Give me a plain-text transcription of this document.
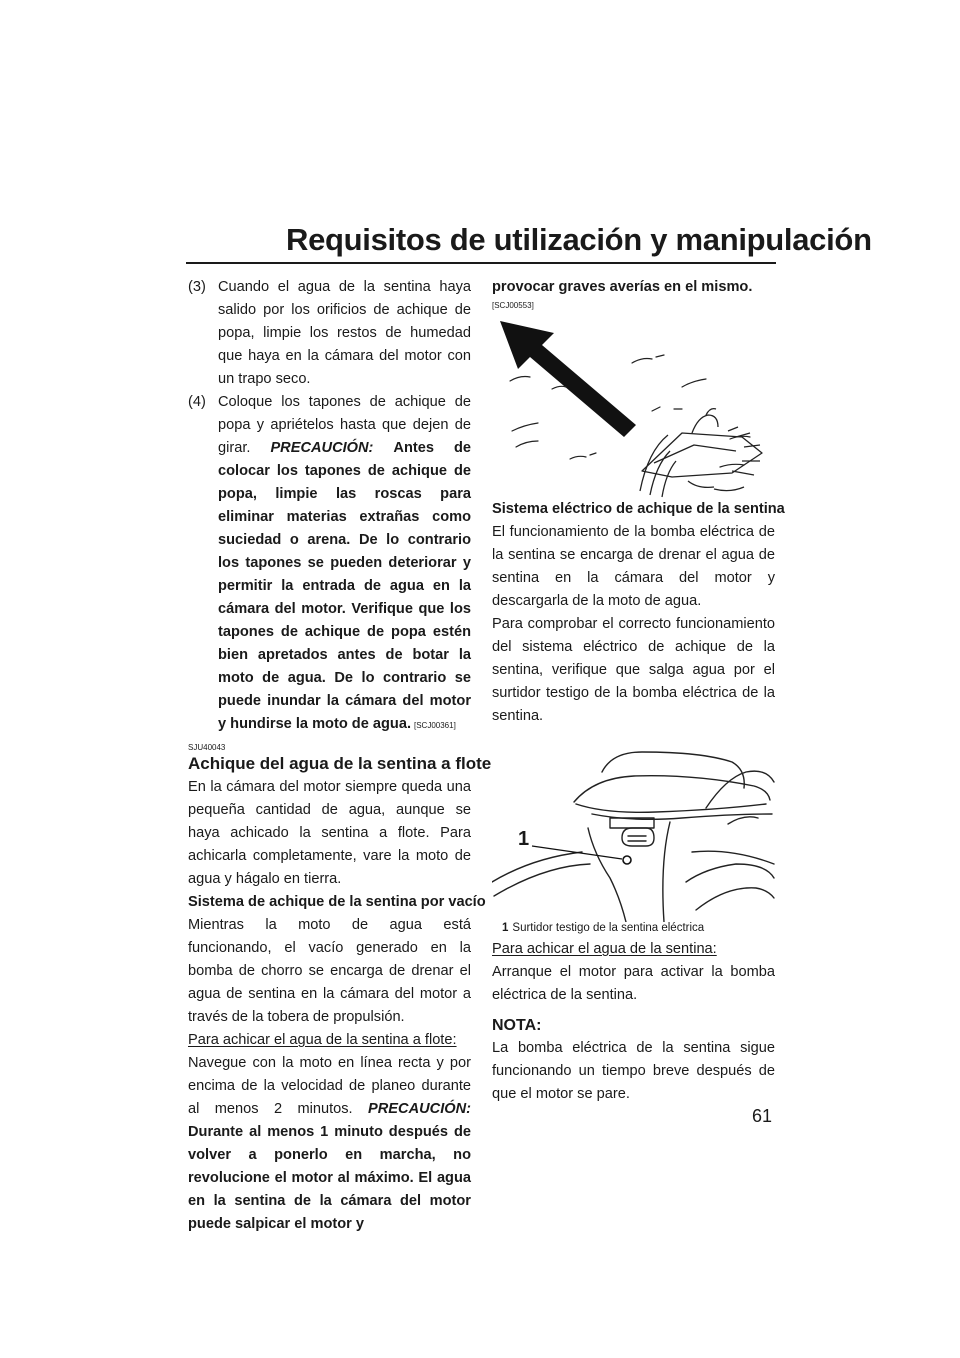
Requisitos de utilización y manipulación
(3) Cuando el agua de la sentina haya salido por los orificios de achique de popa, limpie los restos de humedad que haya en la cámara del motor con un trapo seco.
(4) Coloque los tapones de achique de popa y apriételos hasta que dejen de girar. PRECAUCIÓN: Antes de colocar los tapones de achique de popa, limpie las roscas para eliminar materias extrañas como suciedad o arena. De lo contrario los tapones se pueden deteriorar y permitir la entrada de agua en la cámara del motor. Verifique que los tapones de achique de popa estén bien apretados antes de botar la moto de agua. De lo contrario se puede inundar la cámara del motor y hundirse la moto de agua. [SCJ00361]
SJU40043
Achique del agua de la sentina a flote

En la cámara del motor siempre queda una pequeña cantidad de agua, aunque se haya achicado la sentina a flote. Para achicarla completamente, vare la moto de agua y hágalo en tierra.

Sistema de achique de la sentina por vacío

Mientras la moto de agua está funcionando, el vacío generado en la bomba de chorro se encarga de drenar el agua de sentina en la cámara del motor a través de la tobera de propulsión.

Para achicar el agua de la sentina a flote:

Navegue con la moto en línea recta y por encima de la velocidad de planeo durante al menos 2 minutos. PRECAUCIÓN: Durante al menos 1 minuto después de volver a ponerlo en marcha, no revolucione el motor al máximo. El agua en la sentina de la cámara del motor puede salpicar el motor y

provocar graves averías en el mismo.

[SCJ00553]

Sistema eléctrico de achique de la sentina

El funcionamiento de la bomba eléctrica de la sentina se encarga de drenar el agua de sentina en la cámara del motor y descargarla de la moto de agua.

Para comprobar el correcto funcionamiento del sistema eléctrico de achique de la sentina, verifique que salga agua por el surtidor testigo de la bomba eléctrica de la sentina.

1
1 Surtidor testigo de la sentina eléctrica

Para achicar el agua de la sentina:

Arranque el motor para activar la bomba eléctrica de la sentina.

NOTA:

La bomba eléctrica de la sentina sigue funcionando un tiempo breve después de que el motor se pare.

61
